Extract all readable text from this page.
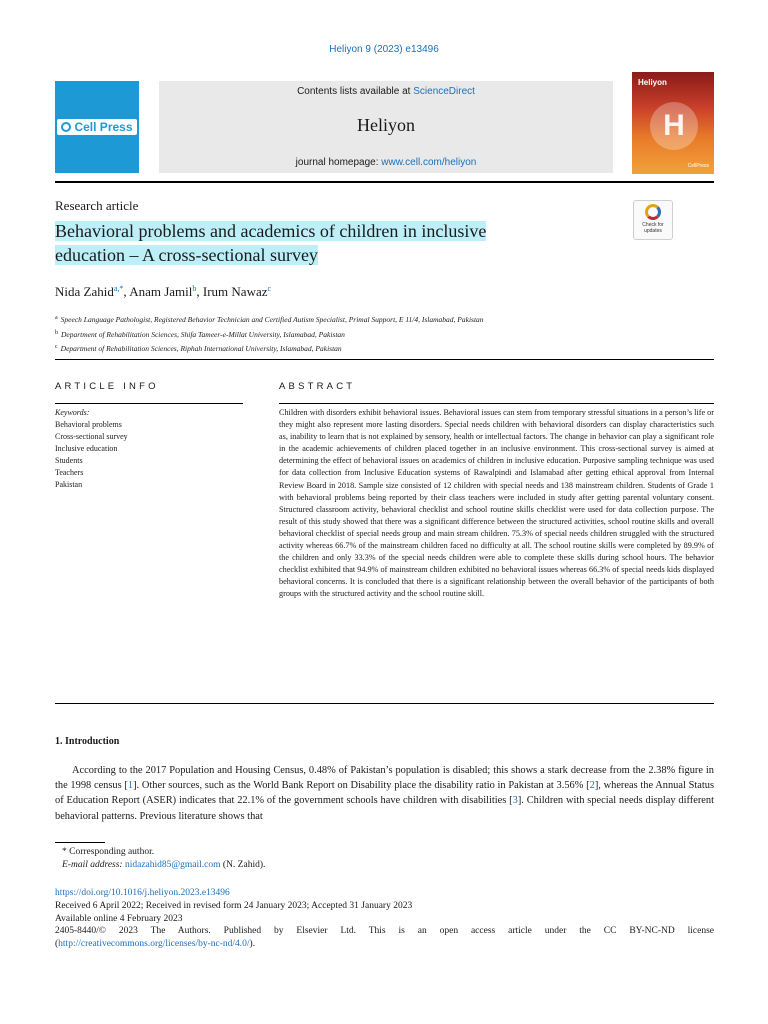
Heliyon 9 (2023) e13496
Cell Press
Contents lists available at ScienceDirect
Heliyon
journal homepage: www.cell.com/heliyon
Heliyon
H
CellPress
Research article
Behavioral problems and academics of children in inclusive
education – A cross-sectional survey
Check for updates
Nida Zahid$^{a,*}$, Anam Jamil$^b$, Irum Nawaz$^c$
$^a$ Speech Language Pathologist, Registered Behavior Technician and Certified Autism Specialist, Primal Support, E 11/4, Islamabad, Pakistan
$^b$ Department of Rehabilitation Sciences, Shifa Tameer-e-Millat University, Islamabad, Pakistan
$^c$ Department of Rehabilitation Sciences, Riphah International University, Islamabad, Pakistan
ARTICLE INFO	ABSTRACT
Keywords:
Behavioral problems
Cross-sectional survey
Inclusive education
Students
Teachers
Pakistan
Children with disorders exhibit behavioral issues. Behavioral issues can stem from temporary stressful situations in a person’s life or they might also represent more lasting disorders. Special needs children with behavioral disorders can display characteristics such as, inability to learn that is not explained by sensory, health or intellectual factors. The change in behavior can play a significant role in the academic achievements of children placed together in an inclusive environment. This cross-sectional survey is aimed at determining the effect of behavioral issues on academics of children in inclusive education. Purposive sampling technique was used for data collection from Inclusive Education systems of Rawalpindi and Islamabad after getting ethical approval from Internal Review Board in 2018. Sample size consisted of 12 children with special needs and 138 mainstream children. Students of Grade 1 with behavioral problems being reported by their class teachers were included in study after getting parental voluntary consent. Structured classroom activity, behavioral checklist and school routine skills checklist were used for data collection purpose. The result of this study showed that there was a significant difference between the structured activities, school routine skills and overall behavioral checklist of special needs group and main stream children. 75.3% of special needs children struggled with the structured activity whereas 66.7% of the mainstream children faced no difficulty at all. The school routine skills were completed by 89.9% of the children and only 33.3% of the special needs children were able to complete these skills during school hours. The behavior checklist exhibited that 94.9% of mainstream children exhibited no behavioral issues whereas 66.3% of special needs kids displayed behavioral concerns. It is concluded that there is a significant relationship between the overall behavior of the participants of both groups with the structured activity and the school routine skill.
1. Introduction
According to the 2017 Population and Housing Census, 0.48% of Pakistan’s population is disabled; this shows a stark decrease from the 2.38% figure in the 1998 census [1]. Other sources, such as the World Bank Report on Disability place the disability ratio in Pakistan at 3.56% [2], whereas the Annual Status of Education Report (ASER) indicates that 22.1% of the government schools have children with disabilities [3]. Children with special needs display different behavioral patterns. Previous literature shows that
* Corresponding author.
E-mail address: nidazahid85@gmail.com (N. Zahid).
https://doi.org/10.1016/j.heliyon.2023.e13496
Received 6 April 2022; Received in revised form 24 January 2023; Accepted 31 January 2023
Available online 4 February 2023
2405-8440/© 2023 The Authors. Published by Elsevier Ltd. This is an open access article under the CC BY-NC-ND license
(http://creativecommons.org/licenses/by-nc-nd/4.0/).
